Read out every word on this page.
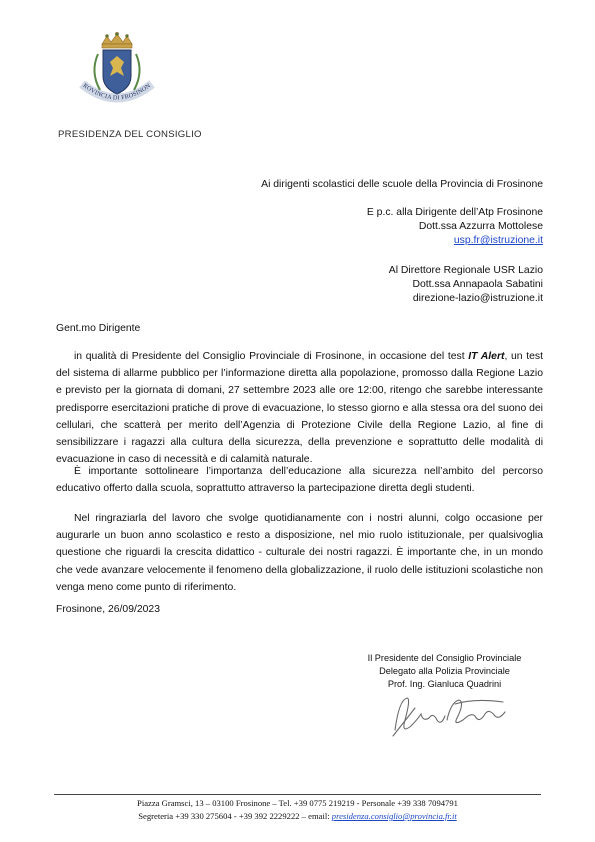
ROVINCIA DI FROSINON
PRESIDENZA DEL CONSIGLIO
Ai dirigenti scolastici delle scuole della Provincia di Frosinone
E p.c. alla Dirigente dell’Atp Frosinone
Dott.ssa Azzurra Mottolese
usp.fr@istruzione.it
Al Direttore Regionale USR Lazio
Dott.ssa Annapaola Sabatini
direzione-lazio@istruzione.it
Gent.mo Dirigente
in qualità di Presidente del Consiglio Provinciale di Frosinone, in occasione del test IT Alert, un test del sistema di allarme pubblico per l’informazione diretta alla popolazione, promosso dalla Regione Lazio e previsto per la giornata di domani, 27 settembre 2023 alle ore 12:00, ritengo che sarebbe interessante predisporre esercitazioni pratiche di prove di evacuazione, lo stesso giorno e alla stessa ora del suono dei cellulari, che scatterà per merito dell’Agenzia di Protezione Civile della Regione Lazio, al fine di sensibilizzare i ragazzi alla cultura della sicurezza, della prevenzione e soprattutto delle modalità di evacuazione in caso di necessità e di calamità naturale.
È importante sottolineare l’importanza dell’educazione alla sicurezza nell’ambito del percorso educativo offerto dalla scuola, soprattutto attraverso la partecipazione diretta degli studenti.
Nel ringraziarla del lavoro che svolge quotidianamente con i nostri alunni, colgo occasione per augurarle un buon anno scolastico e resto a disposizione, nel mio ruolo istituzionale, per qualsivoglia questione che riguardi la crescita didattico - culturale dei nostri ragazzi. È importante che, in un mondo che vede avanzare velocemente il fenomeno della globalizzazione, il ruolo delle istituzioni scolastiche non venga meno come punto di riferimento.
Frosinone, 26/09/2023
Il Presidente del Consiglio Provinciale
Delegato alla Polizia Provinciale
Prof. Ing. Gianluca Quadrini
Piazza Gramsci, 13 – 03100 Frosinone – Tel. +39 0775 219219 - Personale +39 338 7094791
Segreteria +39 330 275604 - +39 392 2229222 – email: presidenza.consiglio@provincia.fr.it
